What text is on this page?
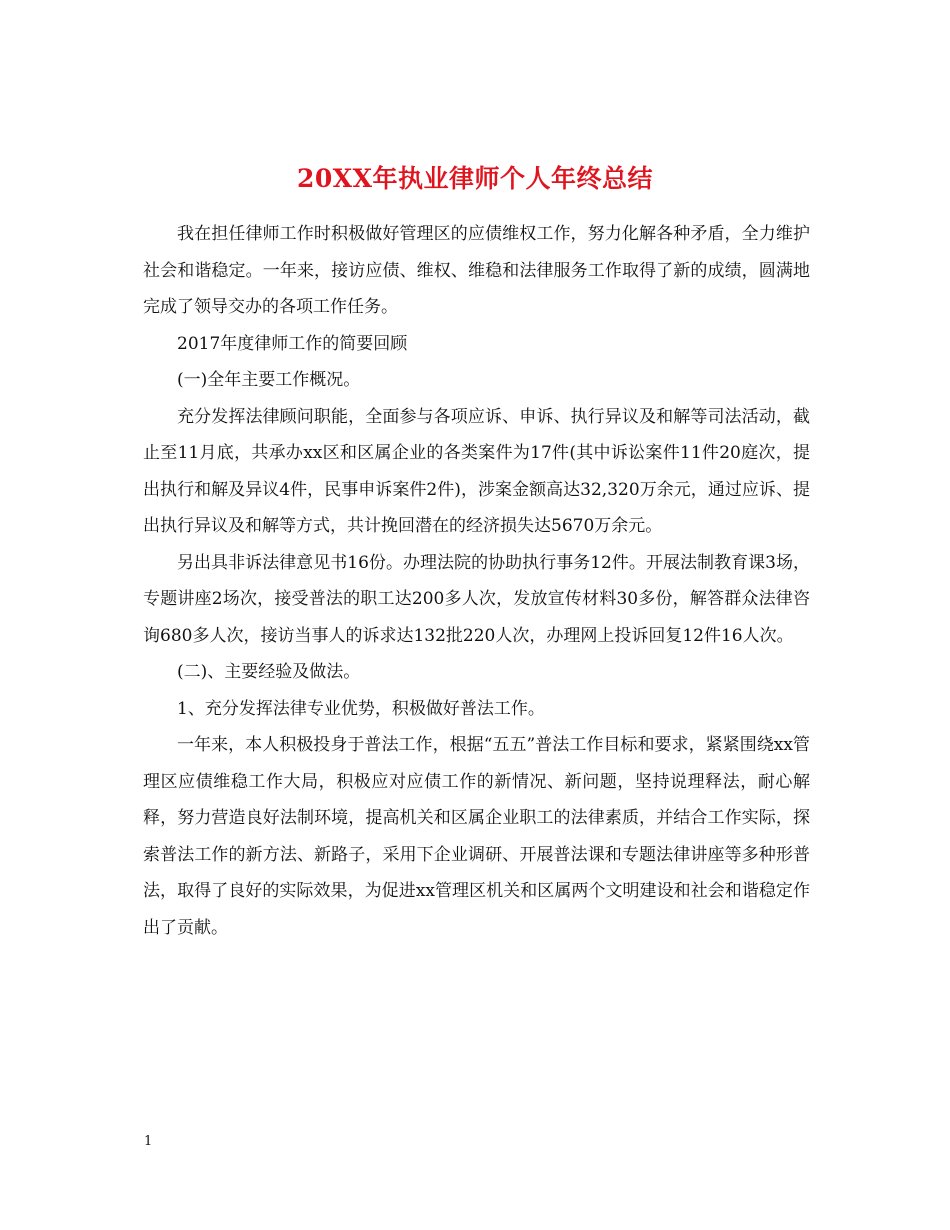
20XX年执业律师个人年终总结

我在担任律师工作时积极做好管理区的应债维权工作，努力化解各种矛盾，全力维护社会和谐稳定。一年来，接访应债、维权、维稳和法律服务工作取得了新的成绩，圆满地完成了领导交办的各项工作任务。

2017年度律师工作的简要回顾

(一)全年主要工作概况。

充分发挥法律顾问职能，全面参与各项应诉、申诉、执行异议及和解等司法活动，截止至11月底，共承办xx区和区属企业的各类案件为17件(其中诉讼案件11件20庭次，提出执行和解及异议4件，民事申诉案件2件)，涉案金额高达32,320万余元，通过应诉、提出执行异议及和解等方式，共计挽回潜在的经济损失达5670万余元。

另出具非诉法律意见书16份。办理法院的协助执行事务12件。开展法制教育课3场，专题讲座2场次，接受普法的职工达200多人次，发放宣传材料30多份，解答群众法律咨询680多人次，接访当事人的诉求达132批220人次，办理网上投诉回复12件16人次。

(二)、主要经验及做法。

1、充分发挥法律专业优势，积极做好普法工作。

一年来，本人积极投身于普法工作，根据“五五”普法工作目标和要求，紧紧围绕xx管理区应债维稳工作大局，积极应对应债工作的新情况、新问题，坚持说理释法，耐心解释，努力营造良好法制环境，提高机关和区属企业职工的法律素质，并结合工作实际，探索普法工作的新方法、新路子，采用下企业调研、开展普法课和专题法律讲座等多种形普法，取得了良好的实际效果，为促进xx管理区机关和区属两个文明建设和社会和谐稳定作出了贡献。

1
